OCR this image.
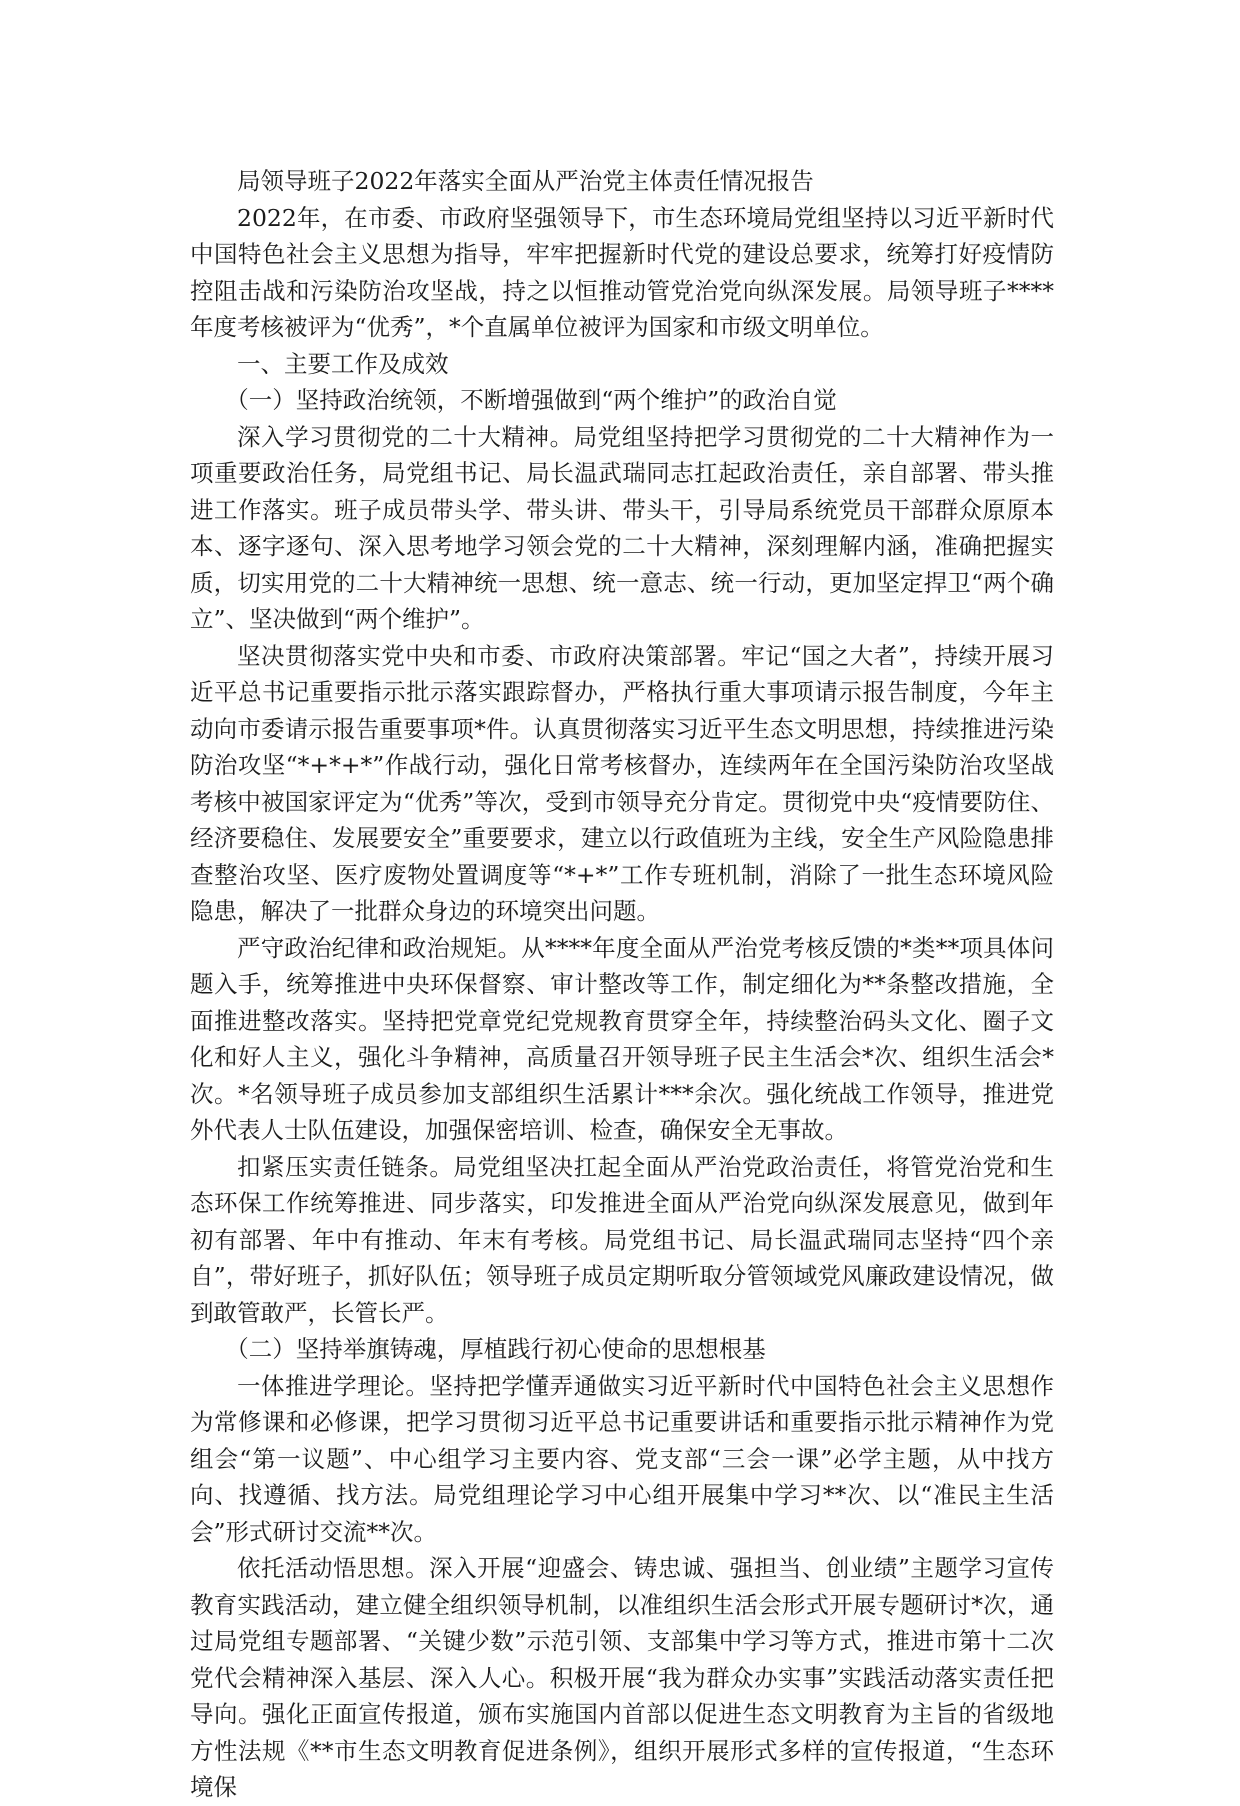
局领导班子2022年落实全面从严治党主体责任情况报告

2022年，在市委、市政府坚强领导下，市生态环境局党组坚持以习近平新时代中国特色社会主义思想为指导，牢牢把握新时代党的建设总要求，统筹打好疫情防控阻击战和污染防治攻坚战，持之以恒推动管党治党向纵深发展。局领导班子****年度考核被评为“优秀”，*个直属单位被评为国家和市级文明单位。

一、主要工作及成效

（一）坚持政治统领，不断增强做到“两个维护”的政治自觉

深入学习贯彻党的二十大精神。局党组坚持把学习贯彻党的二十大精神作为一项重要政治任务，局党组书记、局长温武瑞同志扛起政治责任，亲自部署、带头推进工作落实。班子成员带头学、带头讲、带头干，引导局系统党员干部群众原原本本、逐字逐句、深入思考地学习领会党的二十大精神，深刻理解内涵，准确把握实质，切实用党的二十大精神统一思想、统一意志、统一行动，更加坚定捍卫“两个确立”、坚决做到“两个维护”。

坚决贯彻落实党中央和市委、市政府决策部署。牢记“国之大者”，持续开展习近平总书记重要指示批示落实跟踪督办，严格执行重大事项请示报告制度，今年主动向市委请示报告重要事项*件。认真贯彻落实习近平生态文明思想，持续推进污染防治攻坚“*+*+*”作战行动，强化日常考核督办，连续两年在全国污染防治攻坚战考核中被国家评定为“优秀”等次，受到市领导充分肯定。贯彻党中央“疫情要防住、经济要稳住、发展要安全”重要要求，建立以行政值班为主线，安全生产风险隐患排查整治攻坚、医疗废物处置调度等“*+*”工作专班机制，消除了一批生态环境风险隐患，解决了一批群众身边的环境突出问题。

严守政治纪律和政治规矩。从****年度全面从严治党考核反馈的*类**项具体问题入手，统筹推进中央环保督察、审计整改等工作，制定细化为**条整改措施，全面推进整改落实。坚持把党章党纪党规教育贯穿全年，持续整治码头文化、圈子文化和好人主义，强化斗争精神，高质量召开领导班子民主生活会*次、组织生活会*次。*名领导班子成员参加支部组织生活累计***余次。强化统战工作领导，推进党外代表人士队伍建设，加强保密培训、检查，确保安全无事故。

扣紧压实责任链条。局党组坚决扛起全面从严治党政治责任，将管党治党和生态环保工作统筹推进、同步落实，印发推进全面从严治党向纵深发展意见，做到年初有部署、年中有推动、年末有考核。局党组书记、局长温武瑞同志坚持“四个亲自”，带好班子，抓好队伍；领导班子成员定期听取分管领域党风廉政建设情况，做到敢管敢严，长管长严。

（二）坚持举旗铸魂，厚植践行初心使命的思想根基

一体推进学理论。坚持把学懂弄通做实习近平新时代中国特色社会主义思想作为常修课和必修课，把学习贯彻习近平总书记重要讲话和重要指示批示精神作为党组会“第一议题”、中心组学习主要内容、党支部“三会一课”必学主题，从中找方向、找遵循、找方法。局党组理论学习中心组开展集中学习**次、以“准民主生活会”形式研讨交流**次。

依托活动悟思想。深入开展“迎盛会、铸忠诚、强担当、创业绩”主题学习宣传教育实践活动，建立健全组织领导机制，以准组织生活会形式开展专题研讨*次，通过局党组专题部署、“关键少数”示范引领、支部集中学习等方式，推进市第十二次党代会精神深入基层、深入人心。积极开展“我为群众办实事”实践活动落实责任把导向。强化正面宣传报道，颁布实施国内首部以促进生态文明教育为主旨的省级地方性法规《**市生态文明教育促进条例》，组织开展形式多样的宣传报道，“生态环境保
